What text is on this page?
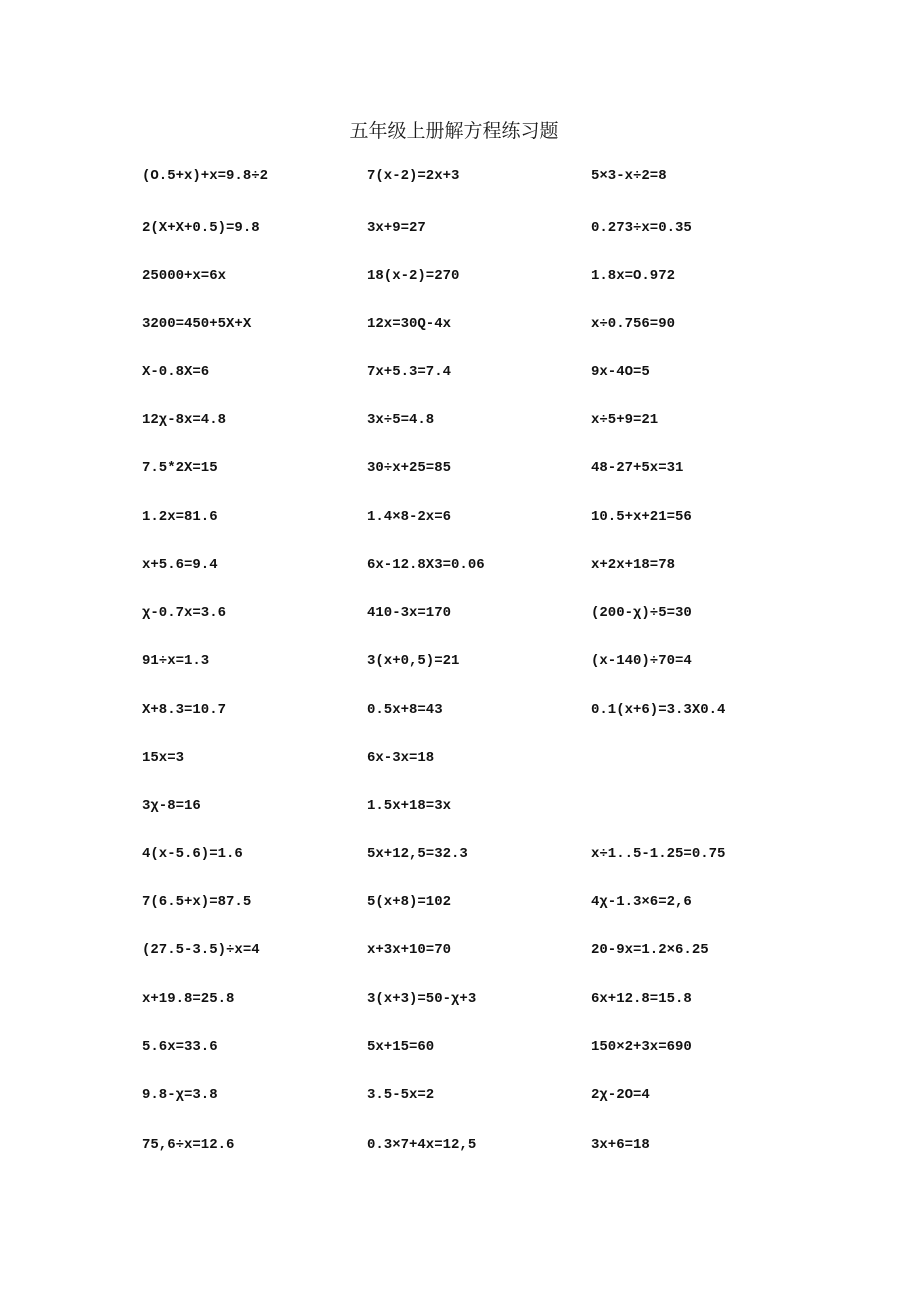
五年级上册解方程练习题
(O.5+x)+x=9.8÷2	7(x-2)=2x+3	5×3-x÷2=8
2(X+X+0.5)=9.8	3x+9=27	0.273÷x=0.35
25000+x=6x	18(x-2)=270	1.8x=O.972
3200=450+5X+X	12x=30Q-4x	x÷0.756=90
X-0.8X=6	7x+5.3=7.4	9x-4O=5
12χ-8x=4.8	3x÷5=4.8	x÷5+9=21
7.5*2X=15	30÷x+25=85	48-27+5x=31
1.2x=81.6	1.4×8-2x=6	10.5+x+21=56
x+5.6=9.4	6x-12.8X3=0.06	x+2x+18=78
χ-0.7x=3.6	410-3x=170	(200-χ)÷5=30
91÷x=1.3	3(x+0,5)=21	(x-140)÷70=4
X+8.3=10.7	0.5x+8=43	0.1(x+6)=3.3X0.4
15x=3	6x-3x=18
3χ-8=16	1.5x+18=3x
4(x-5.6)=1.6	5x+12,5=32.3	x÷1..5-1.25=0.75
7(6.5+x)=87.5	5(x+8)=102	4χ-1.3×6=2,6
(27.5-3.5)÷x=4	x+3x+10=70	20-9x=1.2×6.25
x+19.8=25.8	3(x+3)=50-χ+3	6x+12.8=15.8
5.6x=33.6	5x+15=60	150×2+3x=690
9.8-χ=3.8	3.5-5x=2	2χ-2O=4
75,6÷x=12.6	0.3×7+4x=12,5	3x+6=18
